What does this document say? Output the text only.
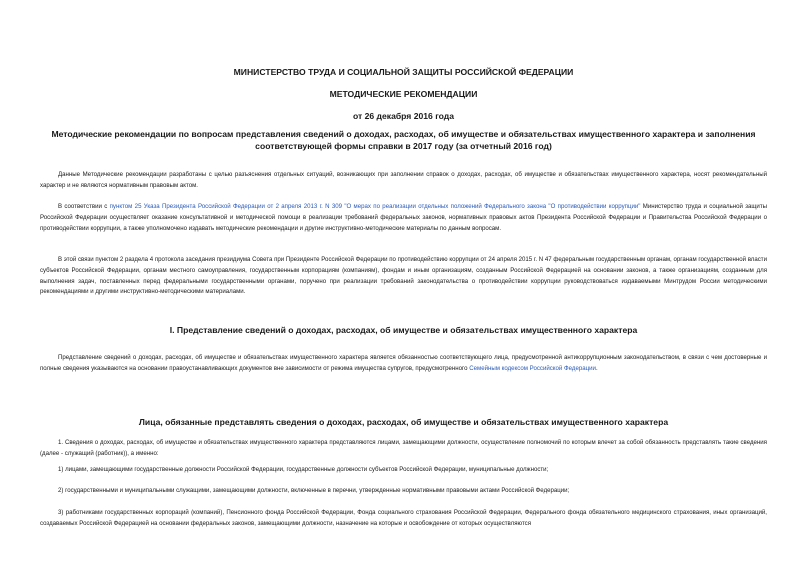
МИНИСТЕРСТВО ТРУДА И СОЦИАЛЬНОЙ ЗАЩИТЫ РОССИЙСКОЙ ФЕДЕРАЦИИ
МЕТОДИЧЕСКИЕ РЕКОМЕНДАЦИИ
от 26 декабря 2016 года
Методические рекомендации по вопросам представления сведений о доходах, расходах, об имуществе и обязательствах имущественного характера и заполнения соответствующей формы справки в 2017 году (за отчетный 2016 год)

Данные Методические рекомендации разработаны с целью разъяснения отдельных ситуаций, возникающих при заполнении справок о доходах, расходах, об имуществе и обязательствах имущественного характера, носят рекомендательный характер и не являются нормативным правовым актом.

В соответствии с пунктом 25 Указа Президента Российской Федерации от 2 апреля 2013 г. N 309 "О мерах по реализации отдельных положений Федерального закона "О противодействии коррупции" Министерство труда и социальной защиты Российской Федерации осуществляет оказание консультативной и методической помощи в реализации требований федеральных законов, нормативных правовых актов Президента Российской Федерации и Правительства Российской Федерации о противодействии коррупции, а также уполномочено издавать методические рекомендации и другие инструктивно-методические материалы по данным вопросам.

В этой связи пунктом 2 раздела 4 протокола заседания президиума Совета при Президенте Российской Федерации по противодействию коррупции от 24 апреля 2015 г. N 47 федеральным государственным органам, органам государственной власти субъектов Российской Федерации, органам местного самоуправления, государственным корпорациям (компаниям), фондам и иным организациям, созданным Российской Федерацией на основании законов, а также организациям, созданным для выполнения задач, поставленных перед федеральными государственными органами, поручено при реализации требований законодательства о противодействии коррупции руководствоваться издаваемыми Минтрудом России методическими рекомендациями и другими инструктивно-методическими материалами.

I. Представление сведений о доходах, расходах, об имуществе и обязательствах имущественного характера

Представление сведений о доходах, расходах, об имуществе и обязательствах имущественного характера является обязанностью соответствующего лица, предусмотренной антикоррупционным законодательством, в связи с чем достоверные и полные сведения указываются на основании правоустанавливающих документов вне зависимости от режима имущества супругов, предусмотренного Семейным кодексом Российской Федерации.

Лица, обязанные представлять сведения о доходах, расходах, об имуществе и обязательствах имущественного характера

1. Сведения о доходах, расходах, об имуществе и обязательствах имущественного характера представляются лицами, замещающими должности, осуществление полномочий по которым влечет за собой обязанность представлять такие сведения (далее - служащий (работник)), а именно:

1) лицами, замещающими государственные должности Российской Федерации, государственные должности субъектов Российской Федерации, муниципальные должности;

2) государственными и муниципальными служащими, замещающими должности, включенные в перечни, утвержденные нормативными правовыми актами Российской Федерации;

3) работниками государственных корпораций (компаний), Пенсионного фонда Российской Федерации, Фонда социального страхования Российской Федерации, Федерального фонда обязательного медицинского страхования, иных организаций, создаваемых Российской Федерацией на основании федеральных законов, замещающими должности, назначение на которые и освобождение от которых осуществляются
